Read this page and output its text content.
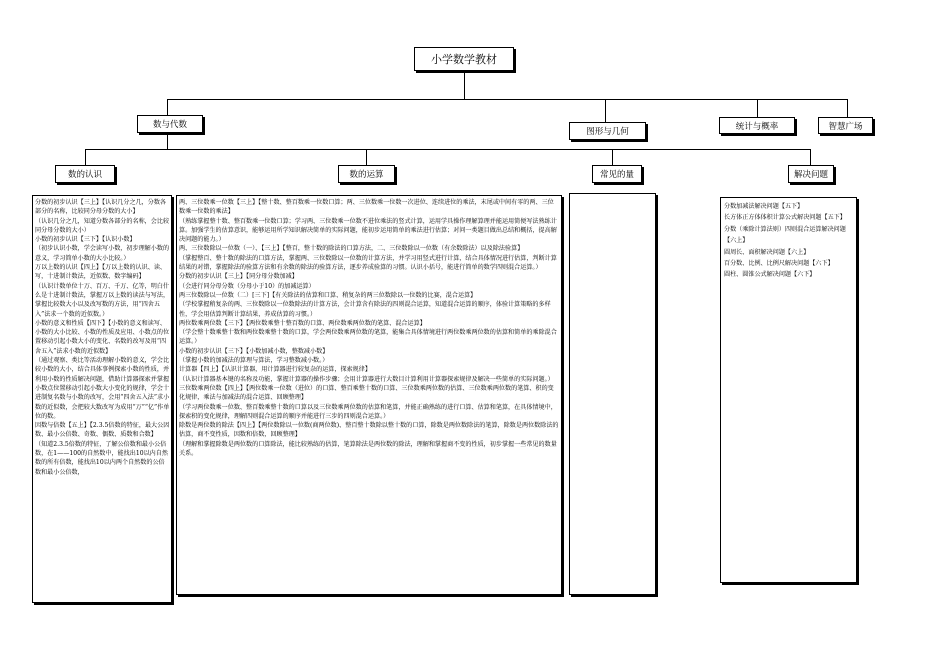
小学数学教材
数与代数
图形与几何
统计与概率	智慧广场
数的认识	数的运算	常见的量	解决问题

分数的初步认识【三上】【认识几分之几，分数各部分的名称，比较同分母分数的大小】

（认识几分之几，知道分数各部分的名称，会比较同分母分数的大小）

小数的初步认识【三下】【认识小数】

（初步认识小数，学会读写小数，初步理解小数的意义，学习简单小数的大小比较。）

万以上数的认识【四上】【万以上数的认识、读、写，十进制计数法，近似数、数字编码】

（认识计数单位十万、百万、千万、亿等，明白什么是十进制计数法，掌握万以上数的读法与写法，掌握比较数大小以及改写数的方法，用“四舍五入”法求一个数的近似数。）

小数的意义和性质【四下】【小数的意义和读写、小数的大小比较、小数的性质及应用、小数点的位置移动引起小数大小的变化、名数的改写及用“四舍五入”法求小数的近似数】

（通过观察、类比等活动理解小数的意义，学会比较小数的大小，结合具体事例探索小数的性质，并利用小数的性质解决问题，借助计算器探索并掌握小数点位置移动引起小数大小变化的规律，学会十进制复名数与小数的改写，会用“四舍五入法”求小数的近似数，会把较大数改写为成用“万”“亿”作单位的数。

因数与倍数【五上】【2.3.5倍数的特征，最大公因数、最小公倍数、奇数、偶数、质数和合数】

（知道2.3.5倍数的特征，了解公倍数和最小公倍数，在1——100的自然数中，能找出10以内自然数的所有倍数，能找出10以内两个自然数的公倍数和最小公倍数，

两、三位数乘一位数【三上】【整十数、整百数乘一位数口算；两、三位数乘一位数一次进位、连续进位的乘法，末尾或中间有零的两、三位数乘一位数的乘法】

（熟练掌握整十数、整百数乘一位数口算；学习两、三位数乘一位数不进位乘法的竖式计算，运用学具操作理解算理并能运用简便写法熟练计算。加强学生的估算意识，能够运用所学知识解决简单的实际问题，能初步运用简单的乘法进行估算；对问一类题目做出总结和概括，提高解决问题的能力。）

两、三位数除以一位数（一）、【三上】【整百，整十数的除法的口算方法，二、三位数除以一位数（有余数除法）以及除法验算】

（掌握整百、整十数的除法的口算方法，掌握两、三位数除以一位数的计算方法，并学习用竖式进行计算，结合具体情况进行估算，判断计算结果的对错，掌握除法的验算方法和有余数的除法的验算方法，逐步养成验算的习惯。认识小括号，能进行简单的数学四则混合运算。）

分数的初步认识【三上】【同分母分数加减】

（会进行同分母分数（分母小于10）的加减运算）

两三位数除以一位数（二）[三下]【有关除法的估算和口算、稍复杂的两三位数除以一位数的比赛，混合运算】

（学校掌握稍复杂的两、三位数除以一位数除法的计算方法，会计算含有除法的四则混合运算，知道混合运算的顺序，体验计算策略的多样性，学会用估算判断计算结果，养成估算的习惯。）

两位数乘两位数【三下】【两位数乘整十整百数的口算、两位数乘两位数的笔算、混合运算】

（学会整十数乘整十数和两位数乘整十数的口算，学会两位数乘两位数的笔算，能集合具体情境进行两位数乘两位数的估算和简单的乘除混合运算。）

小数的初步认识【三下】【小数加减小数，整数减小数】

（掌握小数的加减法的算理与算法，学习整数减小数。）

计算器【四上】【认识计算器，用计算器进行较复杂的运算，探索规律】

（认识计算器基本键的名称及功能，掌握计算器的操作步骤；会用计算器进行大数目计算利用计算器探索规律及解决一些简单的实际问题。）

三位数乘两位数【四上】【两位数乘一位数（进位）的口算、整百乘整十数的口算、三位数乘两位数的估算、三位数乘两位数的笔算、积的变化规律，乘法与加减法的混合运算、回顾整理】

（学习两位数乘一位数、整百数乘整十数的口算以及三位数乘两位数的估算和笔算，并能正确熟练的进行口算、估算和笔算，在具体情境中，探索积的变化规律，理解四则混合运算的顺序并能进行三步的四则混合运算。）

除数是两位数的除法【四上】【两位数除以一位数(商两位数)、整百整十数除以整十数的口算，除数是两位数除法的笔算，除数是两位数除法的估算，商不变性质，因数和倍数，回顾整理】

（理解和掌握除数是两位数的口算除法，能比较熟练的估算，笔算除法是两位数的除法，理解和掌握商不变的性质，初步掌握一些常见的数量关系。

分数加减法解决问题【五下】

长方体正方体体积计算公式解决问题【五下】

分数（乘除计算法则）四则混合运算解决问题【六上】

圆周长、面积解决问题【六上】

百分数、比例、比例尺解决问题【六下】

圆柱、圆锥公式解决问题【六下】
